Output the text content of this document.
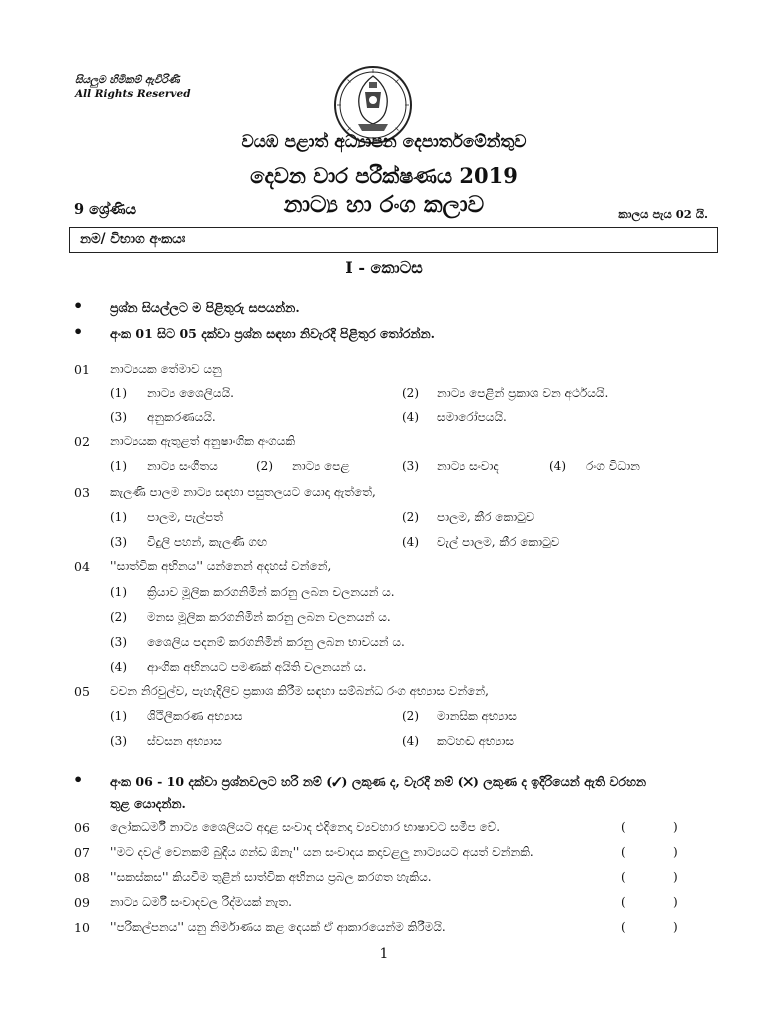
සියලුම හිමිකම් ඇවිරිණි
All Rights Reserved
වයඹ පළාත් අධ්‍යාපන දෙපාර්තමේන්තුව
දෙවන වාර පරීක්ෂණය 2019
නාට්‍ය හා රංග කලාව
9 ශ්‍රේණිය	කාලය පැය 02 යි.
නම/ විභාග අංකයඃ
I - කොටස
• ප්‍රශ්න සියල්ලට ම පිළිතුරු සපයන්න.
• අංක 01 සිට 05 දක්වා ප්‍රශ්න සඳහා නිවැරදි පිළිතුර තෝරන්න.
01 නාට්‍යයක තේමාව යනු
(1) නාට්‍ය ශෛලියයි.	(2) නාට්‍ය පෙළින් ප්‍රකාශ වන අර්ථයයි.
(3) අනුකරණයයි.	(4) සමාරෝපයයි.
02 නාට්‍යයක ඇතුළත් අනුෂාංගික අංගයකි
(1) නාට්‍ය සංගීතය	(2) නාට්‍ය පෙළ	(3) නාට්‍ය සංවාද	(4) රංග විධාන
03 කැලණි පාලම නාට්‍ය සඳහා පසුතලයට යොදා ඇත්තේ,
(1) පාලම, පැල්පත්	(2) පාලම, කීර කොටුව
(3) විදුලි පහන්, කැලණි ගඟ	(4) වැල් පාලම, කීර කොටුව
04 ''සාත්වික අභිනය'' යන්නෙන් අදහස් වන්නේ,
(1) ක්‍රියාව මූලික කරගනිමින් කරනු ලබන චලනයන් ය.
(2) මනස මූලික කරගනිමින් කරනු ලබන චලනයන් ය.
(3) ශෛලිය පදනම් කරගනිමින් කරනු ලබන භාවයන් ය.
(4) ආංගික අභිනයට පමණක් අයිති චලනයන් ය.
05 වචන නිරවුල්ව, පැහැදිලිව ප්‍රකාශ කිරීම සඳහා සම්බන්ධ රංග අභ්‍යාස වන්නේ,
(1) ශිථිලීකරණ අභ්‍යාස	(2) මානසික අභ්‍යාස
(3) ස්වසන අභ්‍යාස	(4) කටහඬ අභ්‍යාස
• අංක 06 - 10 දක්වා ප්‍රශ්නවලට හරි නම් (✓) ලකුණ ද, වැරදි නම් (✕) ලකුණ ද ඉදිරියෙන් ඇති වරහන
තුළ යොදන්න.
06 ලෝකධර්මී නාට්‍ය ශෛලියට අදාළ සංවාද එදිනෙදා ව්‍යවහාර භාෂාවට සමීප වේ.	(	)
07 ''මට දවල් වෙනකම් බුදිය ගන්ඩ ඕනැ'' යන සංවාදය කදාවළලු නාට්‍යයට අයත් වන්නකි.	(	)
08 ''සකස්කස'' කියවීම තුළින් සාත්වික අභිනය ප්‍රබල කරගත හැකිය.	(	)
09 නාට්‍ය ධර්මී සංවාදවල රිද්මයක් නැත.	(	)
10 ''පරිකල්පනය'' යනු නිර්මාණය කළ දෙයක් ඒ ආකාරයෙන්ම කිරීමයි.	(	)
1
